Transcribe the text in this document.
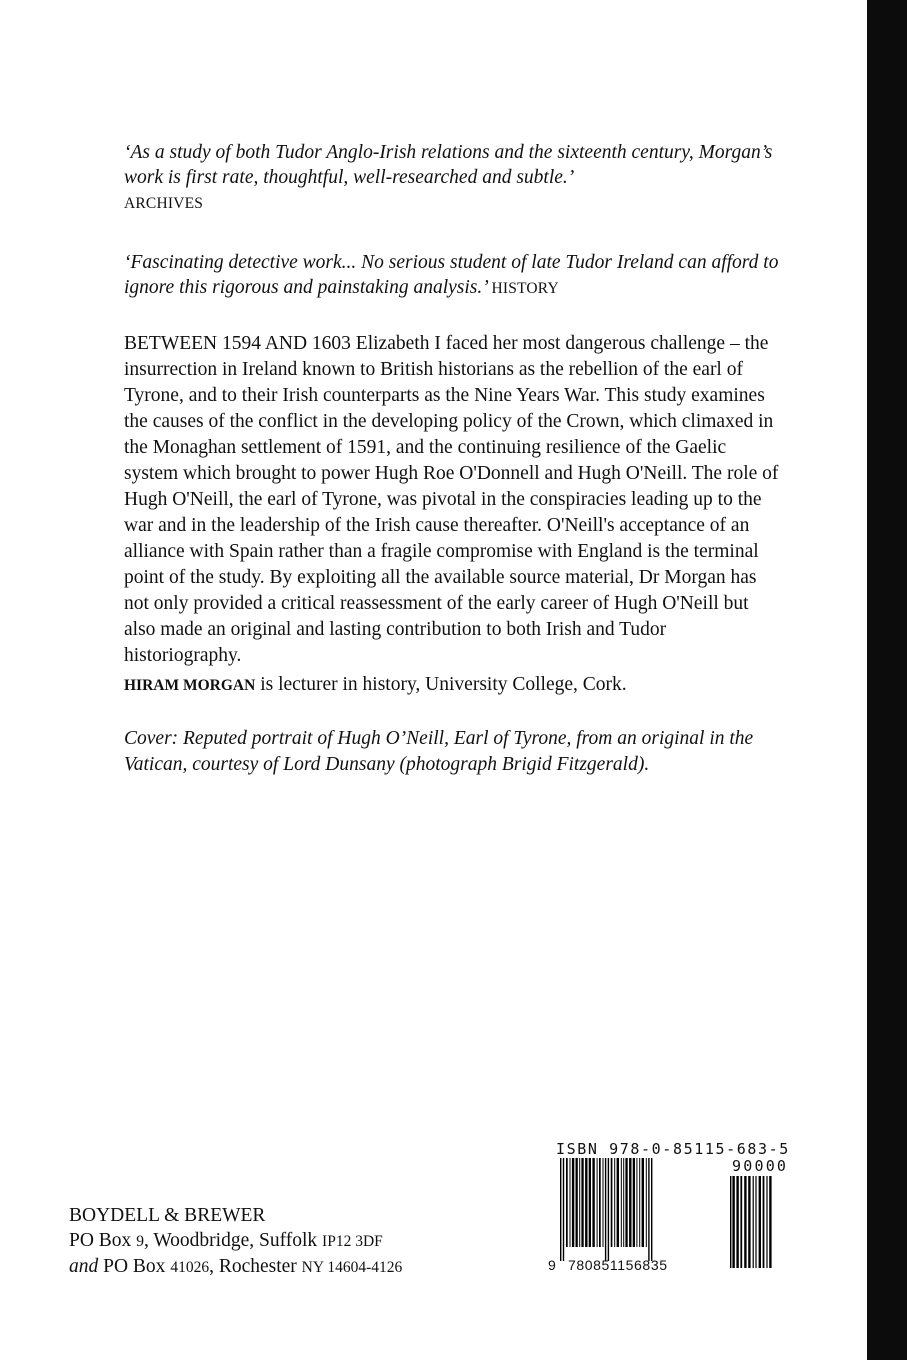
‘As a study of both Tudor Anglo-Irish relations and the sixteenth century, Morgan’s work is first rate, thoughtful, well-researched and subtle.’
ARCHIVES

‘Fascinating detective work... No serious student of late Tudor Ireland can afford to ignore this rigorous and painstaking analysis.’ HISTORY

BETWEEN 1594 AND 1603 Elizabeth I faced her most dangerous challenge – the insurrection in Ireland known to British historians as the rebellion of the earl of Tyrone, and to their Irish counterparts as the Nine Years War. This study examines the causes of the conflict in the developing policy of the Crown, which climaxed in the Monaghan settlement of 1591, and the continuing resilience of the Gaelic system which brought to power Hugh Roe O'Donnell and Hugh O'Neill. The role of Hugh O'Neill, the earl of Tyrone, was pivotal in the conspiracies leading up to the war and in the leadership of the Irish cause thereafter. O'Neill's acceptance of an alliance with Spain rather than a fragile compromise with England is the terminal point of the study. By exploiting all the available source material, Dr Morgan has not only provided a critical reassessment of the early career of Hugh O'Neill but also made an original and lasting contribution to both Irish and Tudor historiography.

HIRAM MORGAN is lecturer in history, University College, Cork.

Cover: Reputed portrait of Hugh O’Neill, Earl of Tyrone, from an original in the Vatican, courtesy of Lord Dunsany (photograph Brigid Fitzgerald).

BOYDELL & BREWER
PO Box 9, Woodbridge, Suffolk IP12 3DF
and PO Box 41026, Rochester NY 14604-4126
ISBN 978-0-85115-683-5
90000
9 780851156835
